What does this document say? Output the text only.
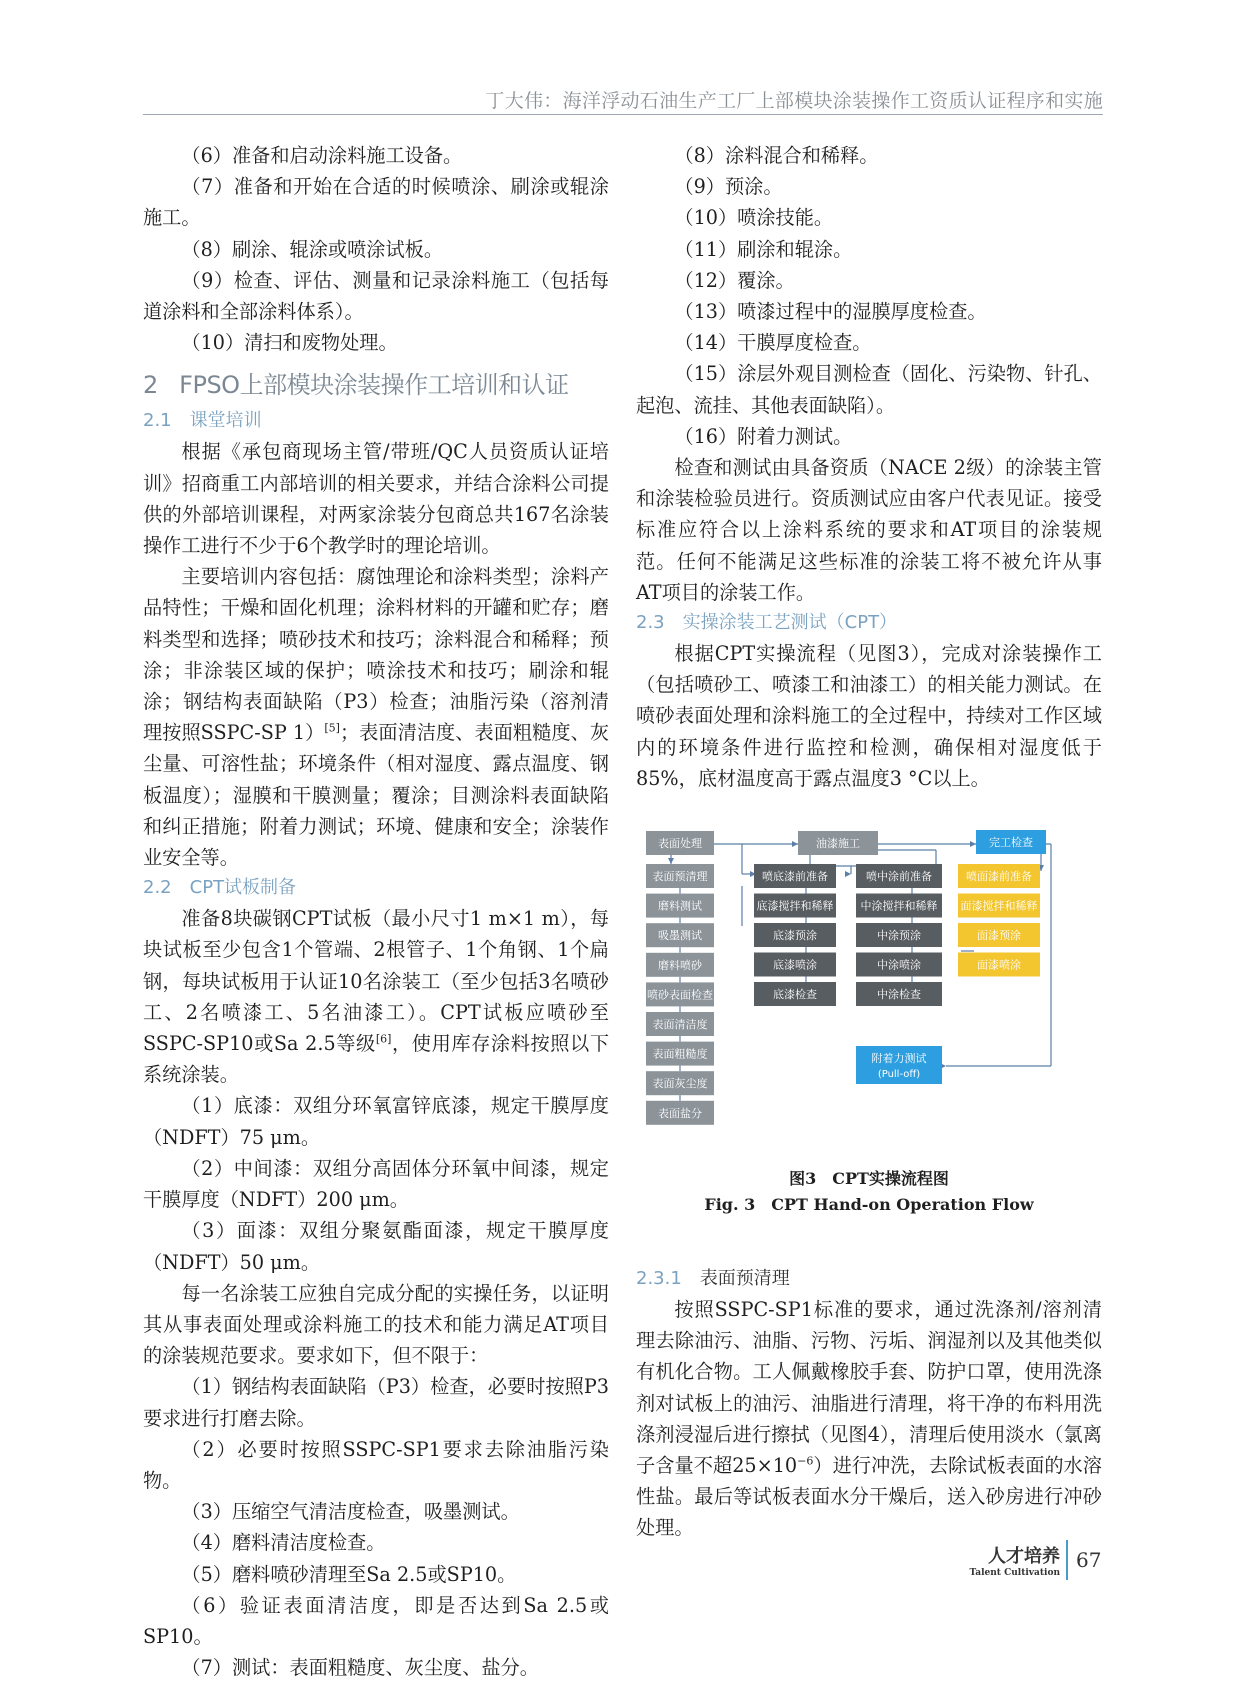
丁大伟：海洋浮动石油生产工厂上部模块涂装操作工资质认证程序和实施

（6）准备和启动涂料施工设备。

（7）准备和开始在合适的时候喷涂、刷涂或辊涂施工。

（8）刷涂、辊涂或喷涂试板。

（9）检查、评估、测量和记录涂料施工（包括每道涂料和全部涂料体系）。

（10）清扫和废物处理。

2 FPSO上部模块涂装操作工培训和认证
2.1 课堂培训

根据《承包商现场主管/带班/QC人员资质认证培训》招商重工内部培训的相关要求，并结合涂料公司提供的外部培训课程，对两家涂装分包商总共167名涂装操作工进行不少于6个教学时的理论培训。

主要培训内容包括：腐蚀理论和涂料类型；涂料产品特性；干燥和固化机理；涂料材料的开罐和贮存；磨料类型和选择；喷砂技术和技巧；涂料混合和稀释；预涂；非涂装区域的保护；喷涂技术和技巧；刷涂和辊涂；钢结构表面缺陷（P3）检查；油脂污染（溶剂清理按照SSPC-SP 1）[5]；表面清洁度、表面粗糙度、灰尘量、可溶性盐；环境条件（相对湿度、露点温度、钢板温度）；湿膜和干膜测量；覆涂；目测涂料表面缺陷和纠正措施；附着力测试；环境、健康和安全；涂装作业安全等。

2.2 CPT试板制备

准备8块碳钢CPT试板（最小尺寸1 m×1 m），每块试板至少包含1个管端、2根管子、1个角钢、1个扁钢，每块试板用于认证10名涂装工（至少包括3名喷砂工、2名喷漆工、5名油漆工）。CPT试板应喷砂至SSPC-SP10或Sa 2.5等级[6]，使用库存涂料按照以下系统涂装。

（1）底漆：双组分环氧富锌底漆，规定干膜厚度（NDFT）75 μm。

（2）中间漆：双组分高固体分环氧中间漆，规定干膜厚度（NDFT）200 μm。

（3）面漆：双组分聚氨酯面漆，规定干膜厚度（NDFT）50 μm。

每一名涂装工应独自完成分配的实操任务，以证明其从事表面处理或涂料施工的技术和能力满足AT项目的涂装规范要求。要求如下，但不限于：

（1）钢结构表面缺陷（P3）检查，必要时按照P3要求进行打磨去除。

（2）必要时按照SSPC-SP1要求去除油脂污染物。

（3）压缩空气清洁度检查，吸墨测试。

（4）磨料清洁度检查。

（5）磨料喷砂清理至Sa 2.5或SP10。

（6）验证表面清洁度，即是否达到Sa 2.5或SP10。

（7）测试：表面粗糙度、灰尘度、盐分。

（8）涂料混合和稀释。

（9）预涂。

（10）喷涂技能。

（11）刷涂和辊涂。

（12）覆涂。

（13）喷漆过程中的湿膜厚度检查。

（14）干膜厚度检查。

（15）涂层外观目测检查（固化、污染物、针孔、起泡、流挂、其他表面缺陷）。

（16）附着力测试。

检查和测试由具备资质（NACE 2级）的涂装主管和涂装检验员进行。资质测试应由客户代表见证。接受标准应符合以上涂料系统的要求和AT项目的涂装规范。任何不能满足这些标准的涂装工将不被允许从事AT项目的涂装工作。

2.3 实操涂装工艺测试（CPT）

根据CPT实操流程（见图3），完成对涂装操作工（包括喷砂工、喷漆工和油漆工）的相关能力测试。在喷砂表面处理和涂料施工的全过程中，持续对工作区域内的环境条件进行监控和检测，确保相对湿度低于85%，底材温度高于露点温度3 °C以上。

表面处理
表面预清理
磨料测试
吸墨测试
磨料喷砂
喷砂表面检查
表面清洁度
表面粗糙度
表面灰尘度
表面盐分
油漆施工	完工检查
喷底漆前准备
底漆搅拌和稀释
底漆预涂
底漆喷涂
底漆检查
喷中涂前准备
中涂搅拌和稀释
中涂预涂
中涂喷涂
中涂检查
喷面漆前准备
面漆搅拌和稀释
面漆预涂
面漆喷涂
附着力测试
(Pull-off)
图3　CPT实操流程图
Fig. 3　CPT Hand-on Operation Flow
2.3.1 表面预清理

按照SSPC-SP1标准的要求，通过洗涤剂/溶剂清理去除油污、油脂、污物、污垢、润湿剂以及其他类似有机化合物。工人佩戴橡胶手套、防护口罩，使用洗涤剂对试板上的油污、油脂进行清理，将干净的布料用洗涤剂浸湿后进行擦拭（见图4），清理后使用淡水（氯离子含量不超$25\times 10^{-6}$）进行冲洗，去除试板表面的水溶性盐。最后等试板表面水分干燥后，送入砂房进行冲砂处理。

人才培养
Talent Cultivation
67
